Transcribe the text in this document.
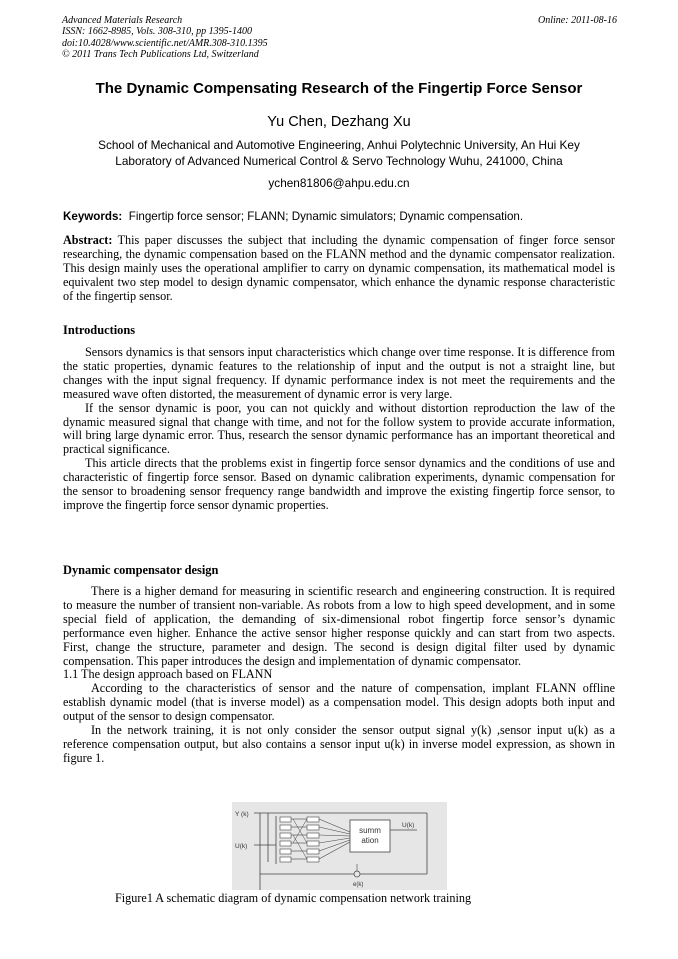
Advanced Materials Research
ISSN: 1662-8985, Vols. 308-310, pp 1395-1400
doi:10.4028/www.scientific.net/AMR.308-310.1395
© 2011 Trans Tech Publications Ltd, Switzerland
Online: 2011-08-16
The Dynamic Compensating Research of the Fingertip Force Sensor
Yu Chen, Dezhang Xu
School of Mechanical and Automotive Engineering, Anhui Polytechnic University, An Hui Key
Laboratory of Advanced Numerical Control & Servo Technology Wuhu, 241000, China
ychen81806@ahpu.edu.cn
Keywords: Fingertip force sensor; FLANN; Dynamic simulators; Dynamic compensation.

Abstract: This paper discusses the subject that including the dynamic compensation of finger force sensor researching, the dynamic compensation based on the FLANN method and the dynamic compensator realization. This design mainly uses the operational amplifier to carry on dynamic compensation, its mathematical model is equivalent two step model to design dynamic compensator, which enhance the dynamic response characteristic of the fingertip sensor.

Introductions

Sensors dynamics is that sensors input characteristics which change over time response. It is difference from the static properties, dynamic features to the relationship of input and the output is not a straight line, but changes with the input signal frequency. If dynamic performance index is not meet the requirements and the measured wave often distorted, the measurement of dynamic error is very large.

If the sensor dynamic is poor, you can not quickly and without distortion reproduction the law of the dynamic measured signal that change with time, and not for the follow system to provide accurate information, will bring large dynamic error. Thus, research the sensor dynamic performance has an important theoretical and practical significance.

This article directs that the problems exist in fingertip force sensor dynamics and the conditions of use and characteristic of fingertip force sensor. Based on dynamic calibration experiments, dynamic compensation for the sensor to broadening sensor frequency range bandwidth and improve the existing fingertip force sensor, to improve the fingertip force sensor dynamic properties.

Dynamic compensator design

There is a higher demand for measuring in scientific research and engineering construction. It is required to measure the number of transient non-variable. As robots from a low to high speed development, and in some special field of application, the demanding of six-dimensional robot fingertip force sensor’s dynamic performance even higher. Enhance the active sensor higher response quickly and can start from two aspects. First, change the structure, parameter and design. The second is design digital filter used by dynamic compensation. This paper introduces the design and implementation of dynamic compensator.

1.1 The design approach based on FLANN

According to the characteristics of sensor and the nature of compensation, implant FLANN offline establish dynamic model (that is inverse model) as a compensation model. This design adopts both input and output of the sensor to design compensator.

In the network training, it is not only consider the sensor output signal y(k) ,sensor input u(k) as a reference compensation output, but also contains a sensor input u(k) in inverse model expression, as shown in figure 1.

Y (k)
U(k)
summ
ation
U(k)
e(k)
Figure1 A schematic diagram of dynamic compensation network training
